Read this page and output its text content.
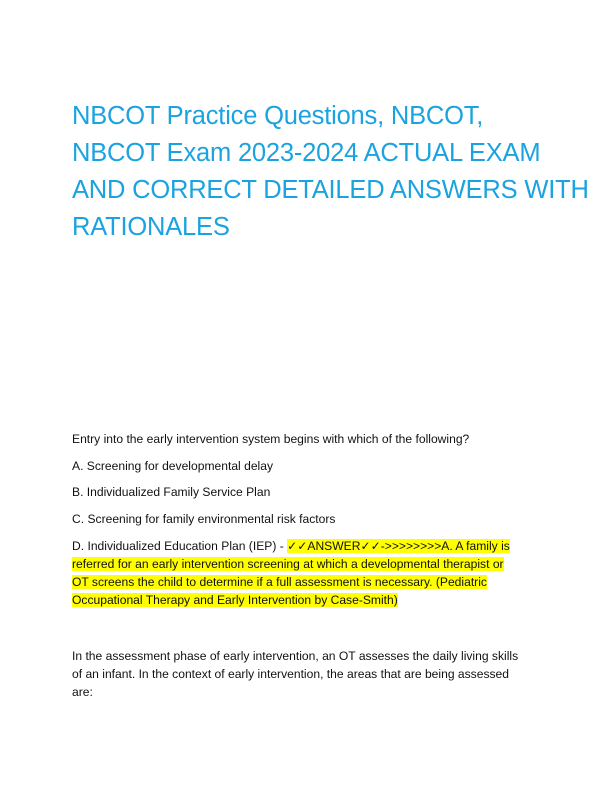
NBCOT Practice Questions, NBCOT,
NBCOT Exam 2023-2024 ACTUAL EXAM
AND CORRECT DETAILED ANSWERS WITH
RATIONALES

Entry into the early intervention system begins with which of the following?

A. Screening for developmental delay

B. Individualized Family Service Plan

C. Screening for family environmental risk factors

D. Individualized Education Plan (IEP) - ✓✓ANSWER✓✓->>>>>>>>A. A family is
referred for an early intervention screening at which a developmental therapist or
OT screens the child to determine if a full assessment is necessary. (Pediatric
Occupational Therapy and Early Intervention by Case-Smith)

In the assessment phase of early intervention, an OT assesses the daily living skills
of an infant. In the context of early intervention, the areas that are being assessed
are:
